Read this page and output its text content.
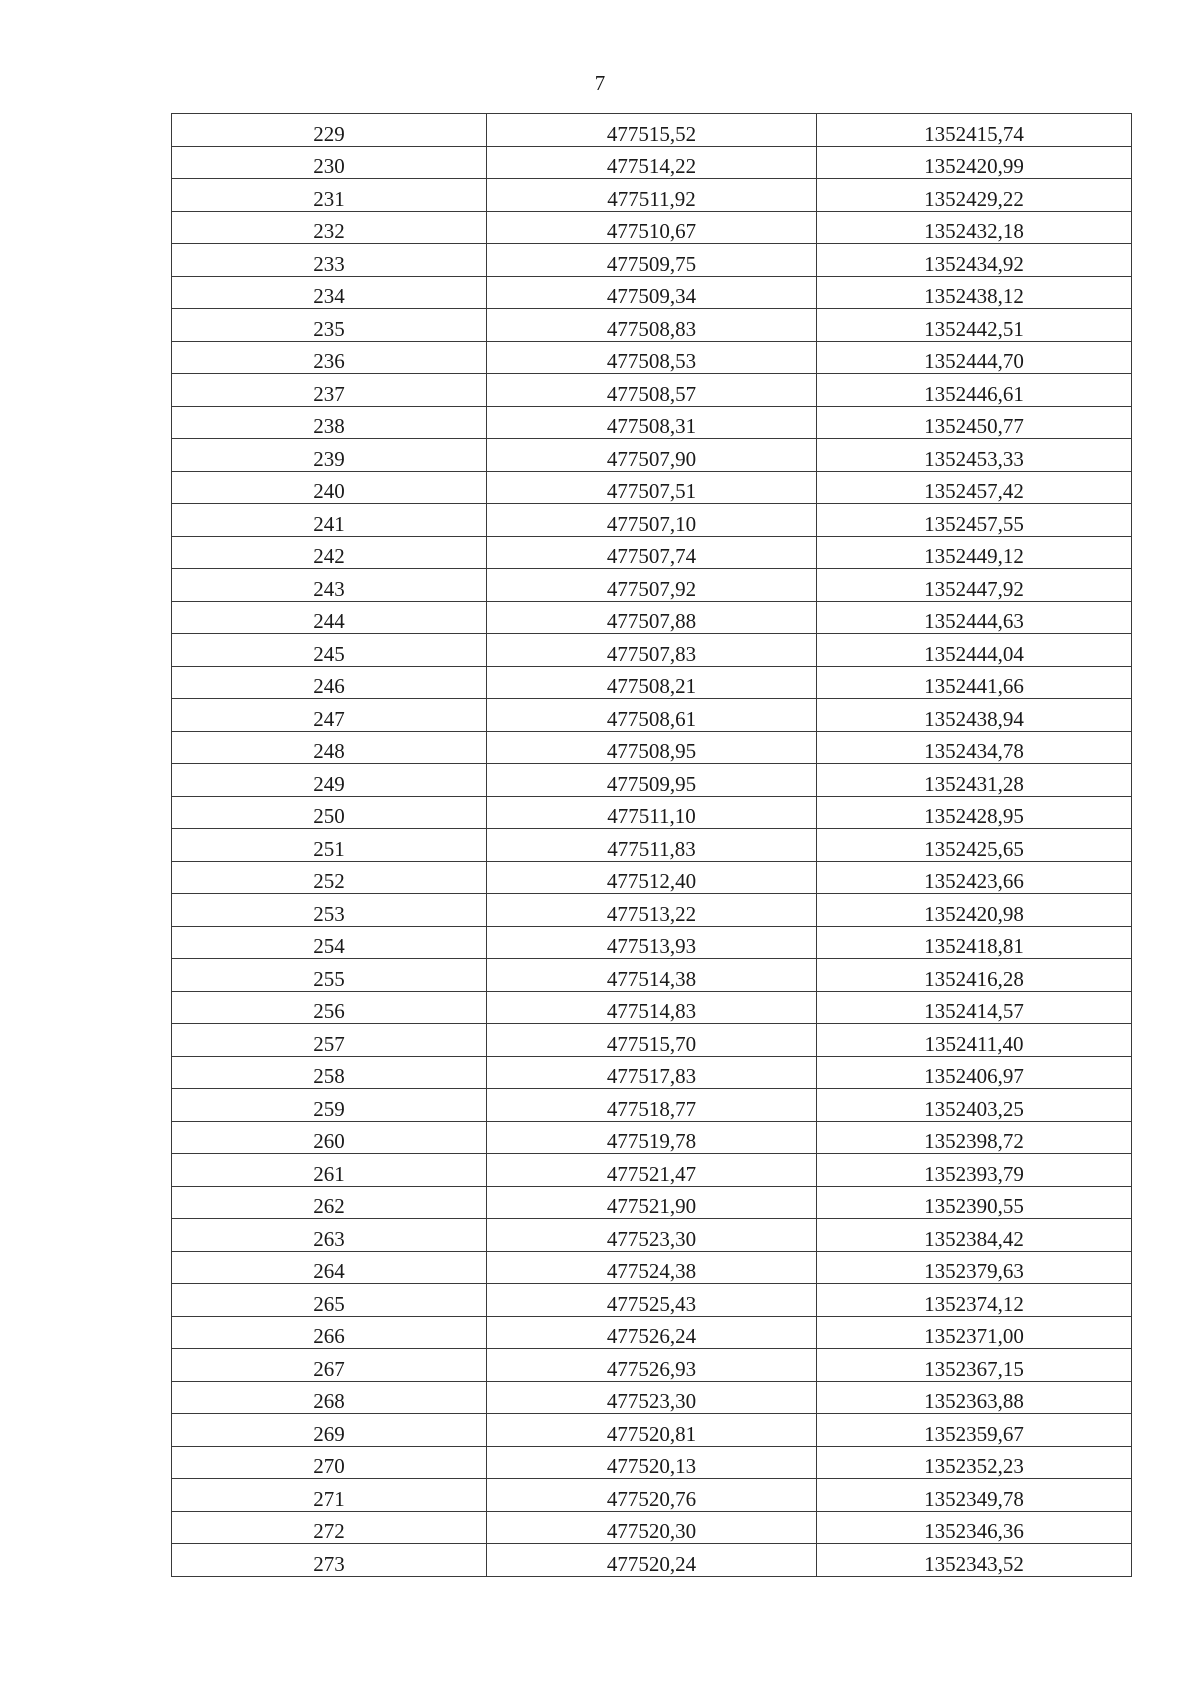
7
229	477515,52	1352415,74
230	477514,22	1352420,99
231	477511,92	1352429,22
232	477510,67	1352432,18
233	477509,75	1352434,92
234	477509,34	1352438,12
235	477508,83	1352442,51
236	477508,53	1352444,70
237	477508,57	1352446,61
238	477508,31	1352450,77
239	477507,90	1352453,33
240	477507,51	1352457,42
241	477507,10	1352457,55
242	477507,74	1352449,12
243	477507,92	1352447,92
244	477507,88	1352444,63
245	477507,83	1352444,04
246	477508,21	1352441,66
247	477508,61	1352438,94
248	477508,95	1352434,78
249	477509,95	1352431,28
250	477511,10	1352428,95
251	477511,83	1352425,65
252	477512,40	1352423,66
253	477513,22	1352420,98
254	477513,93	1352418,81
255	477514,38	1352416,28
256	477514,83	1352414,57
257	477515,70	1352411,40
258	477517,83	1352406,97
259	477518,77	1352403,25
260	477519,78	1352398,72
261	477521,47	1352393,79
262	477521,90	1352390,55
263	477523,30	1352384,42
264	477524,38	1352379,63
265	477525,43	1352374,12
266	477526,24	1352371,00
267	477526,93	1352367,15
268	477523,30	1352363,88
269	477520,81	1352359,67
270	477520,13	1352352,23
271	477520,76	1352349,78
272	477520,30	1352346,36
273	477520,24	1352343,52
